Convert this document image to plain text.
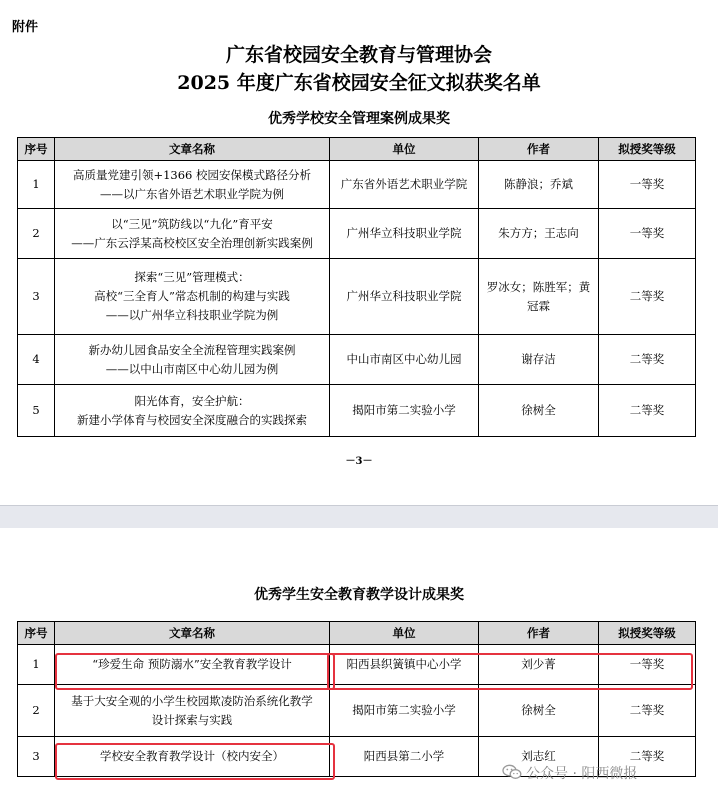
附件
广东省校园安全教育与管理协会
2025 年度广东省校园安全征文拟获奖名单
优秀学校安全管理案例成果奖
序号	文章名称	单位	作者	拟授奖等级
1	高质量党建引领+1366 校园安保模式路径分析
——以广东省外语艺术职业学院为例	广东省外语艺术职业学院	陈静浪；乔斌	一等奖
2	以“三见”筑防线以“九化”育平安
——广东云浮某高校校区安全治理创新实践案例	广州华立科技职业学院	朱方方；王志向	一等奖
3	探索“三见”管理模式：
高校“三全育人”常态机制的构建与实践
——以广州华立科技职业学院为例	广州华立科技职业学院	罗冰女；陈胜军；黄冠霖	二等奖
4	新办幼儿园食品安全全流程管理实践案例
——以中山市南区中心幼儿园为例	中山市南区中心幼儿园	谢存洁	二等奖
5	阳光体育，安全护航：
新建小学体育与校园安全深度融合的实践探索	揭阳市第二实验小学	徐树全	二等奖
－3－
优秀学生安全教育教学设计成果奖
序号	文章名称	单位	作者	拟授奖等级
1	“珍爱生命 预防溺水”安全教育教学设计	阳西县织簧镇中心小学	刘少菁	一等奖
2	基于大安全观的小学生校园欺凌防治系统化教学
设计探索与实践	揭阳市第二实验小学	徐树全	二等奖
3	学校安全教育教学设计（校内安全）	阳西县第二小学	刘志红	二等奖
公众号 · 阳西微报
